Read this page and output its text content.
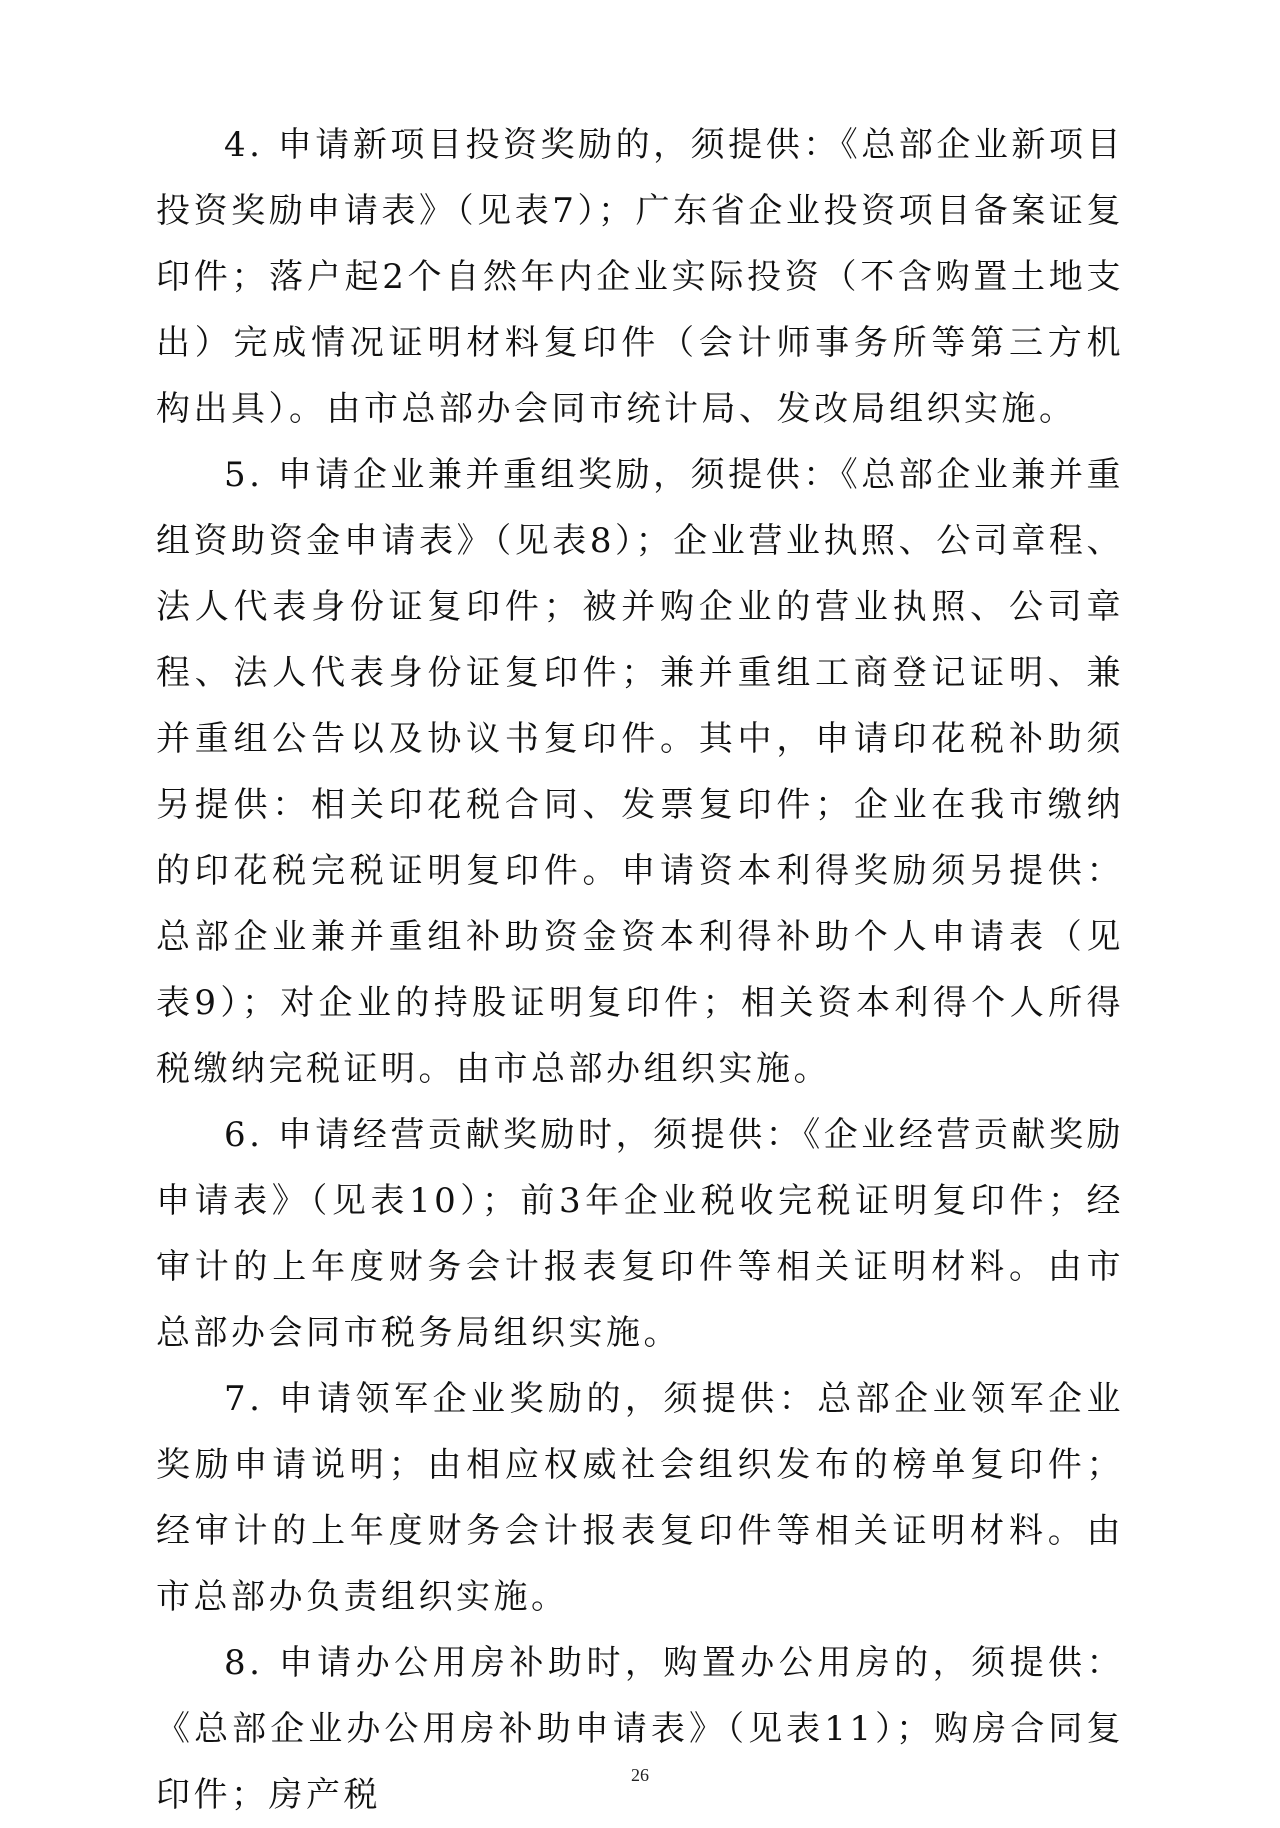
4. 申请新项目投资奖励的，须提供：《总部企业新项目投资奖励申请表》（见表7）；广东省企业投资项目备案证复印件；落户起2个自然年内企业实际投资（不含购置土地支出）完成情况证明材料复印件（会计师事务所等第三方机构出具）。由市总部办会同市统计局、发改局组织实施。

5. 申请企业兼并重组奖励，须提供：《总部企业兼并重组资助资金申请表》（见表8）；企业营业执照、公司章程、法人代表身份证复印件；被并购企业的营业执照、公司章程、法人代表身份证复印件；兼并重组工商登记证明、兼并重组公告以及协议书复印件。其中，申请印花税补助须另提供：相关印花税合同、发票复印件；企业在我市缴纳的印花税完税证明复印件。申请资本利得奖励须另提供：总部企业兼并重组补助资金资本利得补助个人申请表（见表9）；对企业的持股证明复印件；相关资本利得个人所得税缴纳完税证明。由市总部办组织实施。

6. 申请经营贡献奖励时，须提供：《企业经营贡献奖励申请表》（见表10）；前3年企业税收完税证明复印件；经审计的上年度财务会计报表复印件等相关证明材料。由市总部办会同市税务局组织实施。

7. 申请领军企业奖励的，须提供：总部企业领军企业奖励申请说明；由相应权威社会组织发布的榜单复印件；经审计的上年度财务会计报表复印件等相关证明材料。由市总部办负责组织实施。

8. 申请办公用房补助时，购置办公用房的，须提供：《总部企业办公用房补助申请表》（见表11）；购房合同复印件；房产税	26
